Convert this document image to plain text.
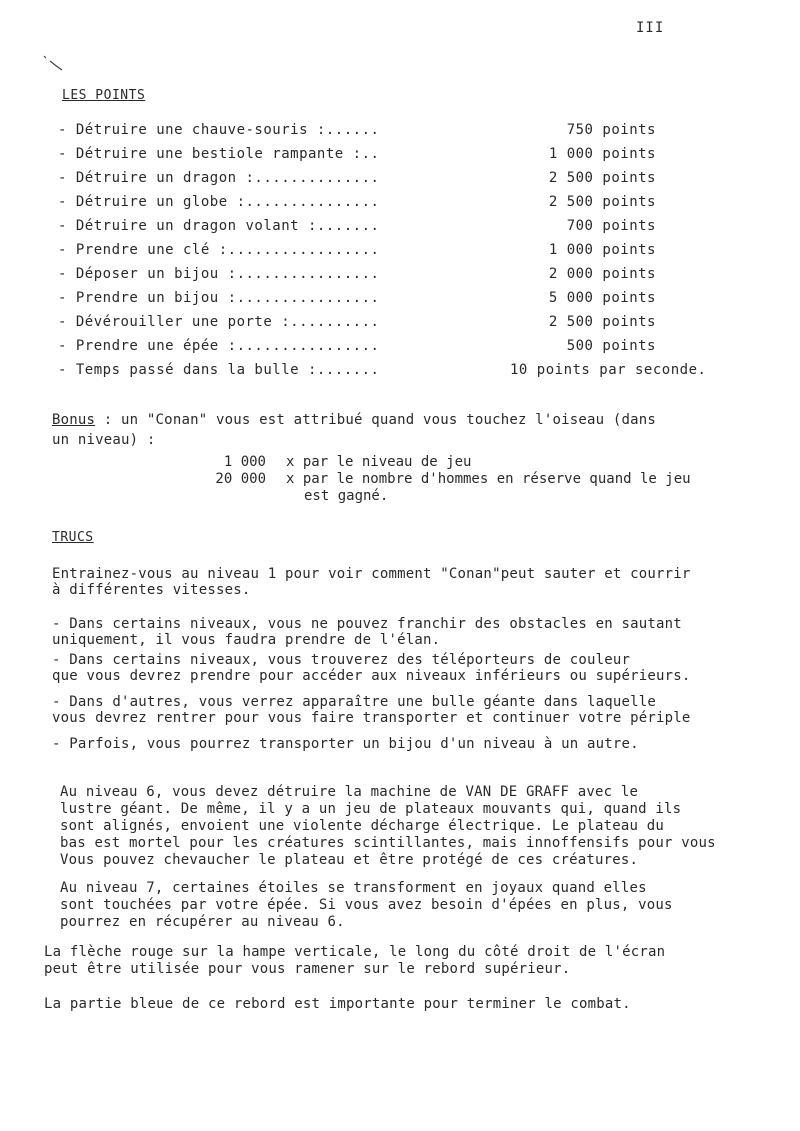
III
LES POINTS
- Détruire une chauve-souris :......	750 points
- Détruire une bestiole rampante :..	1 000 points
- Détruire un dragon :..............	2 500 points
- Détruire un globe :...............	2 500 points
- Détruire un dragon volant :.......	700 points
- Prendre une clé :.................	1 000 points
- Déposer un bijou :................	2 000 points
- Prendre un bijou :................	5 000 points
- Dévérouiller une porte :..........	2 500 points
- Prendre une épée :................	500 points
- Temps passé dans la bulle :.......	10 points par seconde.
Bonus : un "Conan" vous est attribué quand vous touchez l'oiseau (dans
un niveau) :
1 000 x par le niveau de jeu
20 000 x par le nombre d'hommes en réserve quand le jeu
est gagné.
TRUCS
Entrainez-vous au niveau 1 pour voir comment "Conan"peut sauter et courrir
à différentes vitesses.
- Dans certains niveaux, vous ne pouvez franchir des obstacles en sautant
uniquement, il vous faudra prendre de l'élan.
- Dans certains niveaux, vous trouverez des téléporteurs de couleur
que vous devrez prendre pour accéder aux niveaux inférieurs ou supérieurs.
- Dans d'autres, vous verrez apparaître une bulle géante dans laquelle
vous devrez rentrer pour vous faire transporter et continuer votre périple
- Parfois, vous pourrez transporter un bijou d'un niveau à un autre.
Au niveau 6, vous devez détruire la machine de VAN DE GRAFF avec le
lustre géant. De même, il y a un jeu de plateaux mouvants qui, quand ils
sont alignés, envoient une violente décharge électrique. Le plateau du
bas est mortel pour les créatures scintillantes, mais innoffensifs pour vous
Vous pouvez chevaucher le plateau et être protégé de ces créatures.
Au niveau 7, certaines étoiles se transforment en joyaux quand elles
sont touchées par votre épée. Si vous avez besoin d'épées en plus, vous
pourrez en récupérer au niveau 6.
La flèche rouge sur la hampe verticale, le long du côté droit de l'écran
peut être utilisée pour vous ramener sur le rebord supérieur.
La partie bleue de ce rebord est importante pour terminer le combat.
